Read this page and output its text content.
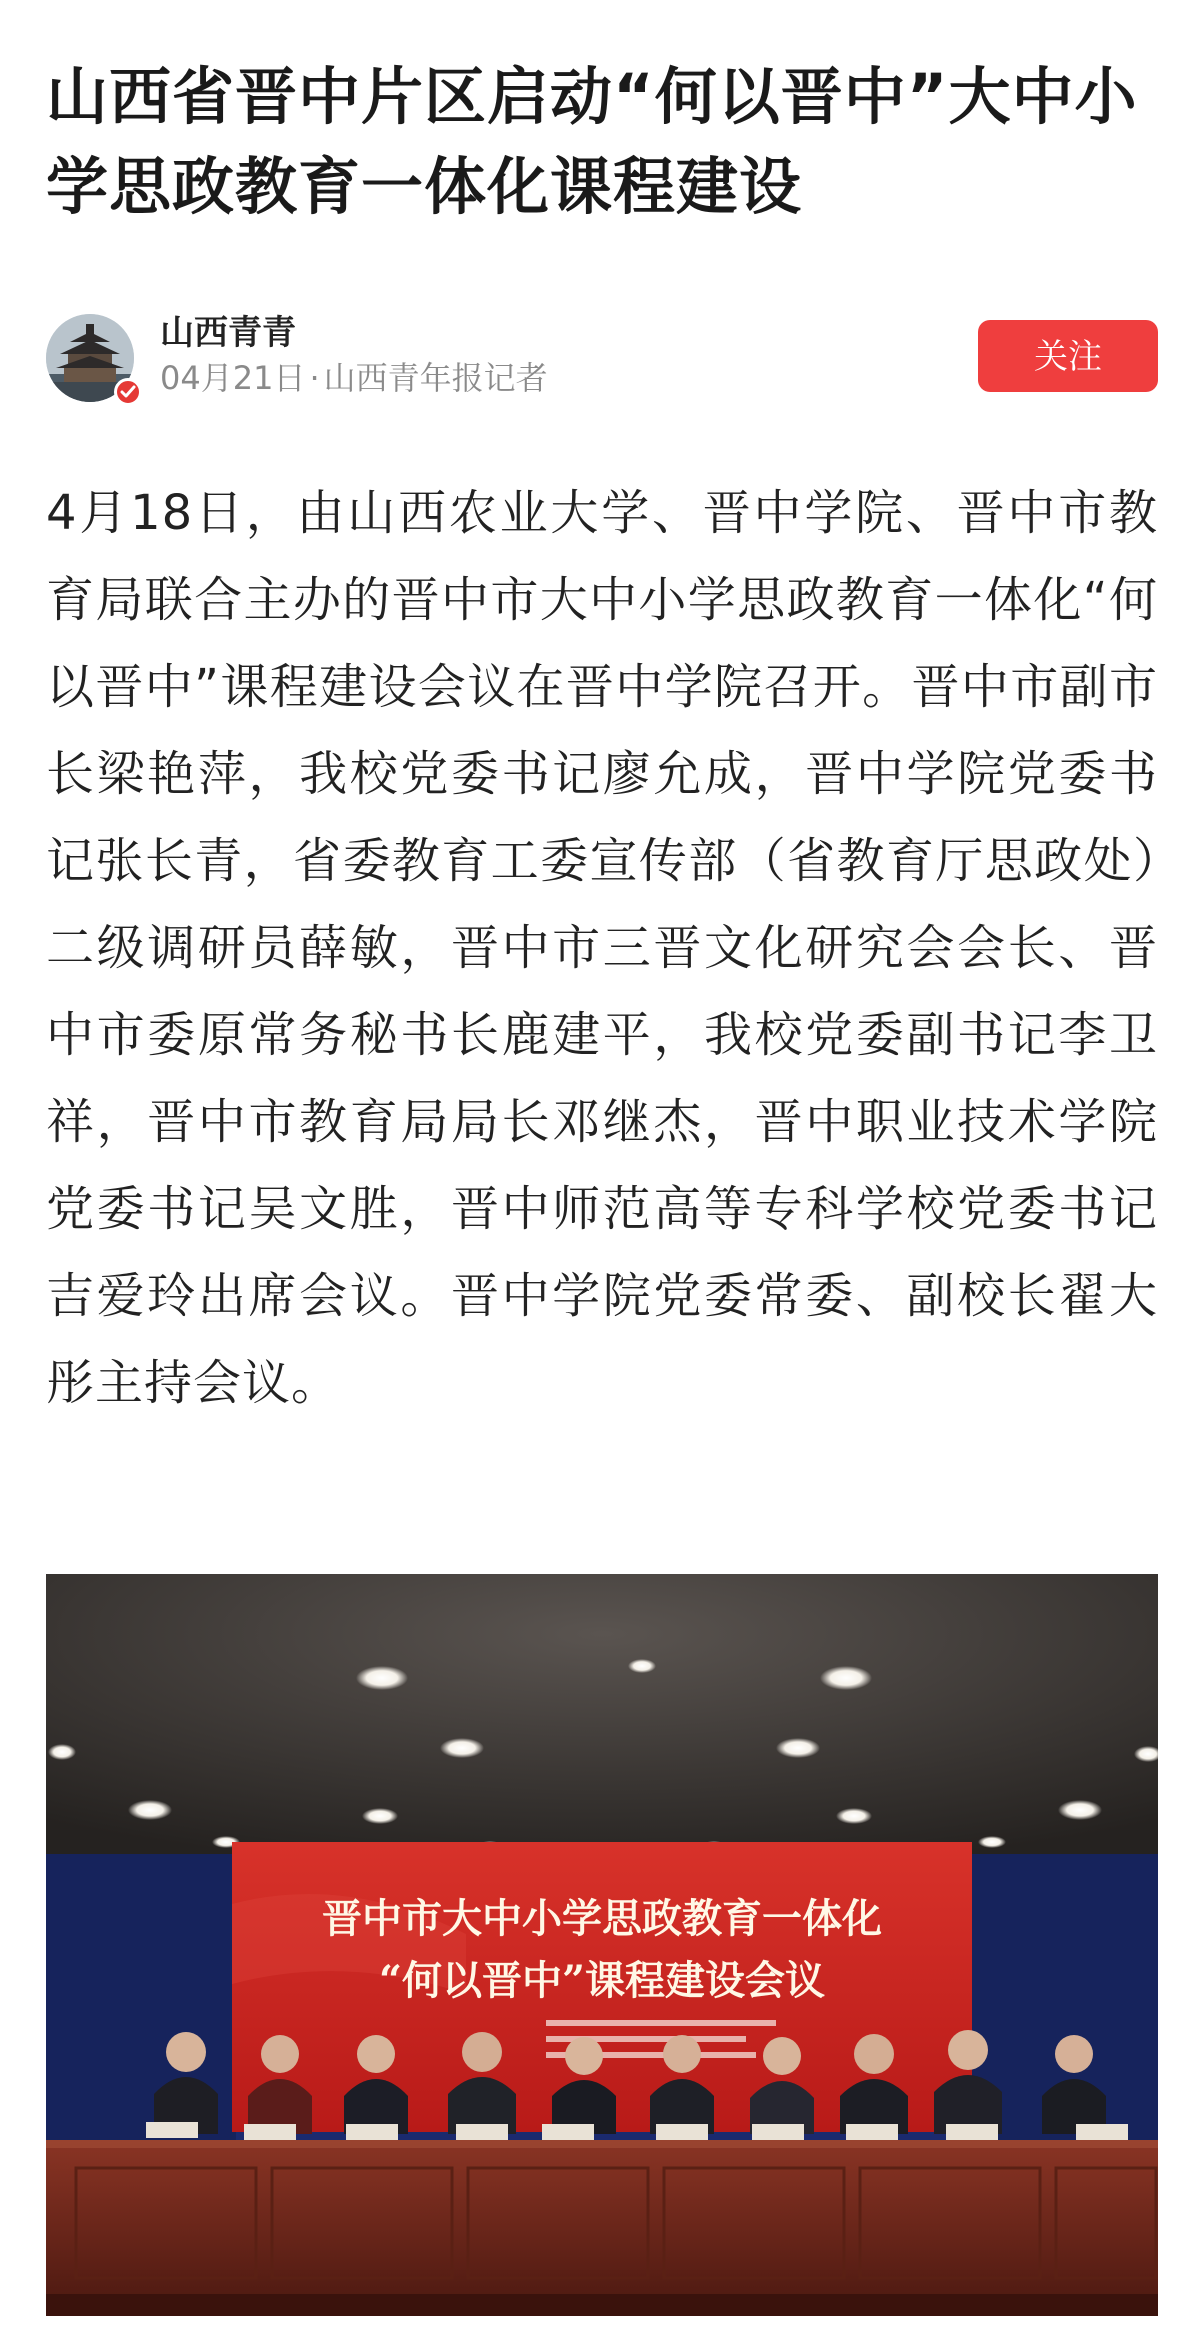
山西省晋中片区启动“何以晋中”大中小学思政教育一体化课程建设
山西青青
04月21日 · 山西青年报记者
关注

4月18日，由山西农业大学、晋中学院、晋中市教育局联合主办的晋中市大中小学思政教育一体化“何以晋中”课程建设会议在晋中学院召开。晋中市副市长梁艳萍，我校党委书记廖允成，晋中学院党委书记张长青，省委教育工委宣传部（省教育厅思政处）二级调研员薛敏，晋中市三晋文化研究会会长、晋中市委原常务秘书长鹿建平，我校党委副书记李卫祥，晋中市教育局局长邓继杰，晋中职业技术学院党委书记吴文胜，晋中师范高等专科学校党委书记吉爱玲出席会议。晋中学院党委常委、副校长翟大彤主持会议。

晋中市大中小学思政教育一体化
“何以晋中”课程建设会议
